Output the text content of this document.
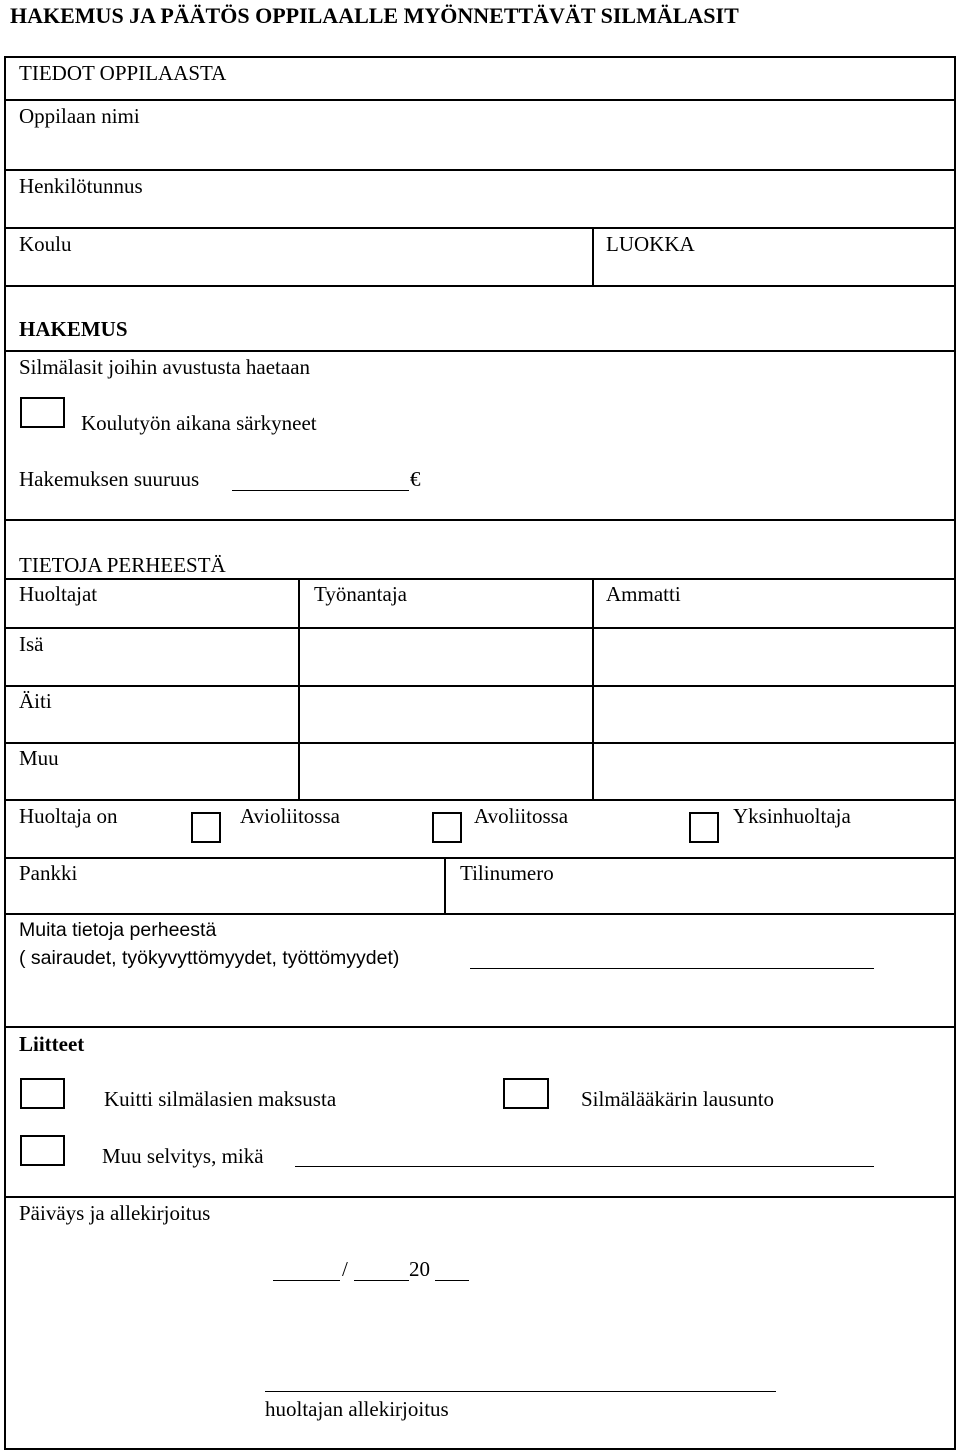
HAKEMUS JA PÄÄTÖS OPPILAALLE MYÖNNETTÄVÄT SILMÄLASIT
TIEDOT OPPILAASTA
Oppilaan nimi
Henkilötunnus
Koulu	LUOKKA
HAKEMUS
Silmälasit joihin avustusta haetaan
Koulutyön aikana särkyneet
Hakemuksen suuruus	€
TIETOJA PERHEESTÄ
Huoltajat	Työnantaja	Ammatti
Isä
Äiti
Muu
Huoltaja on	Avioliitossa	Avoliitossa	Yksinhuoltaja
Pankki	Tilinumero
Muita tietoja perheestä
( sairaudet, työkyvyttömyydet, työttömyydet)
Liitteet
Kuitti silmälasien maksusta	Silmälääkärin lausunto
Muu selvitys, mikä
Päiväys ja allekirjoitus
/	20
huoltajan allekirjoitus
